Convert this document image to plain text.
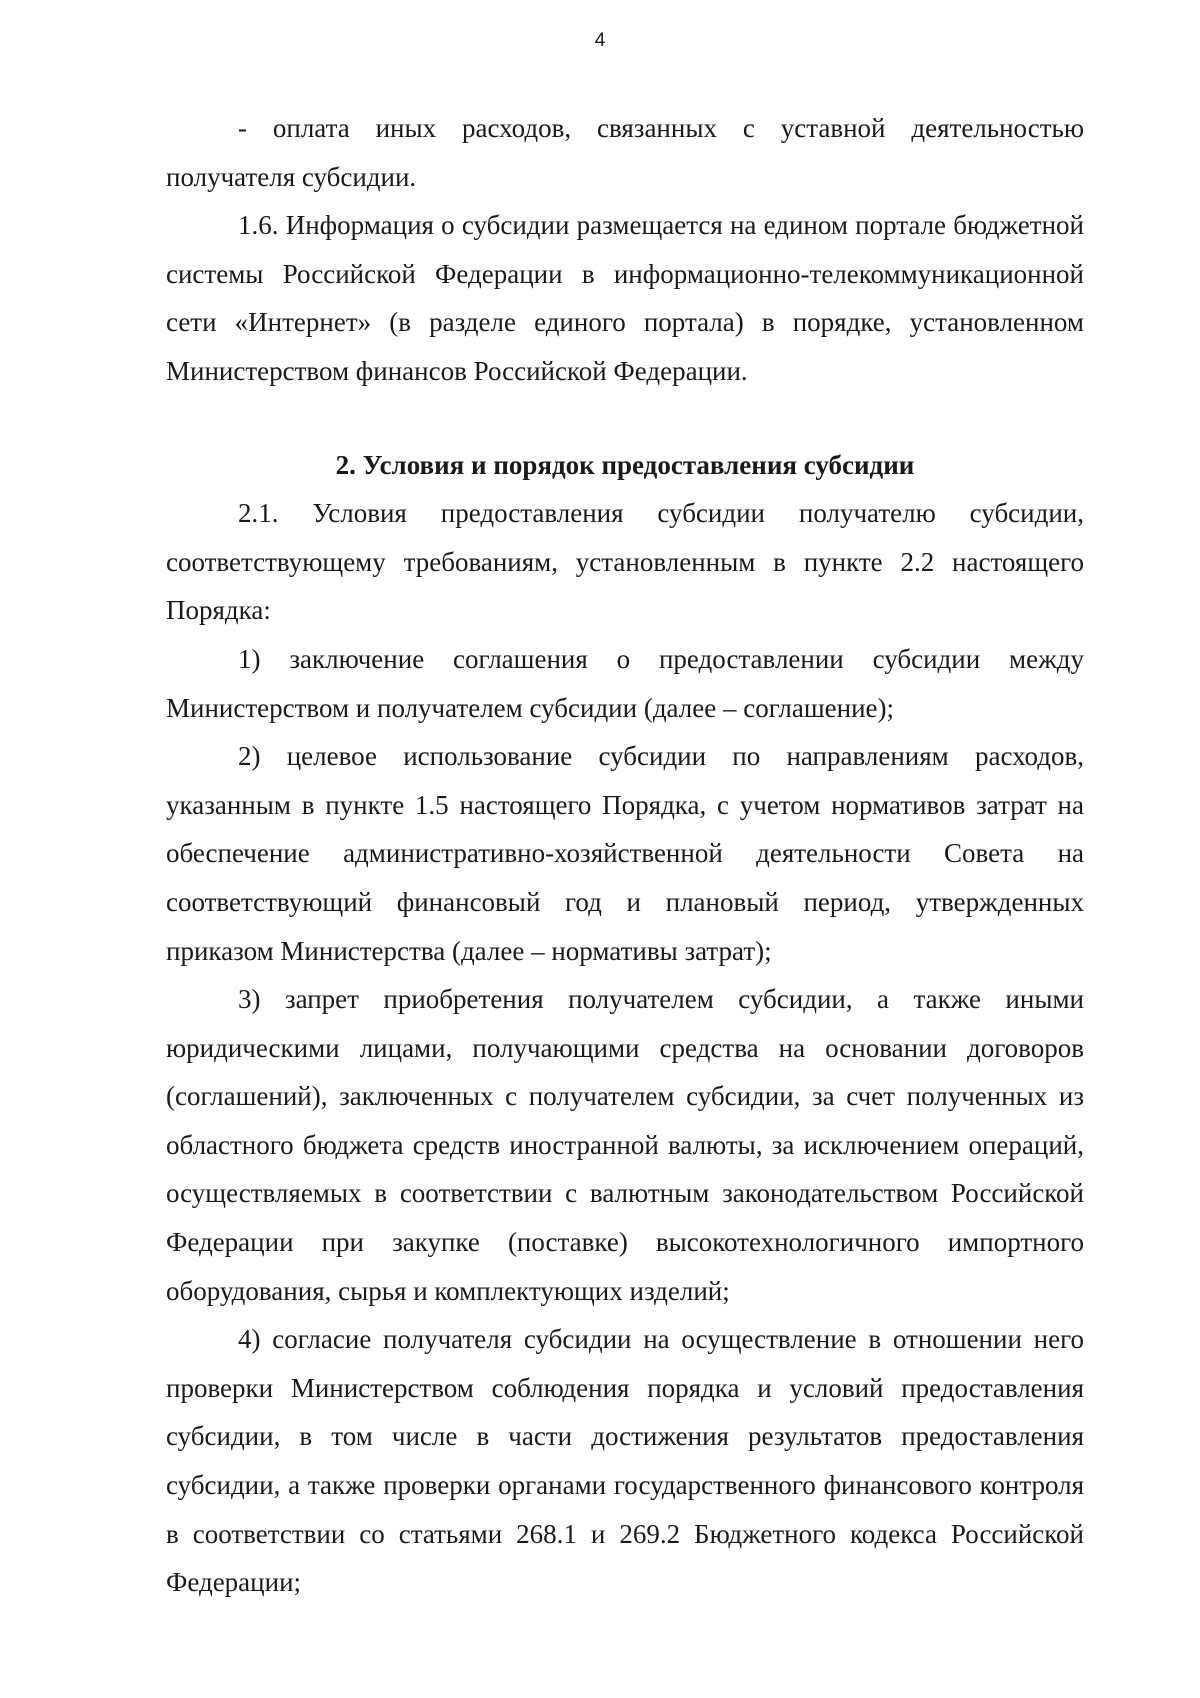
4

- оплата иных расходов, связанных с уставной деятельностью получателя субсидии.

1.6. Информация о субсидии размещается на едином портале бюджетной системы Российской Федерации в информационно-телекоммуникационной сети «Интернет» (в разделе единого портала) в порядке, установленном Министерством финансов Российской Федерации.

2. Условия и порядок предоставления субсидии

2.1. Условия предоставления субсидии получателю субсидии, соответствующему требованиям, установленным в пункте 2.2 настоящего Порядка:

1) заключение соглашения о предоставлении субсидии между Министерством и получателем субсидии (далее – соглашение);

2) целевое использование субсидии по направлениям расходов, указанным в пункте 1.5 настоящего Порядка, с учетом нормативов затрат на обеспечение административно-хозяйственной деятельности Совета на соответствующий финансовый год и плановый период, утвержденных приказом Министерства (далее – нормативы затрат);

3) запрет приобретения получателем субсидии, а также иными юридическими лицами, получающими средства на основании договоров (соглашений), заключенных с получателем субсидии, за счет полученных из областного бюджета средств иностранной валюты, за исключением операций, осуществляемых в соответствии с валютным законодательством Российской Федерации при закупке (поставке) высокотехнологичного импортного оборудования, сырья и комплектующих изделий;

4) согласие получателя субсидии на осуществление в отношении него проверки Министерством соблюдения порядка и условий предоставления субсидии, в том числе в части достижения результатов предоставления субсидии, а также проверки органами государственного финансового контроля в соответствии со статьями 268.1 и 269.2 Бюджетного кодекса Российской Федерации;
